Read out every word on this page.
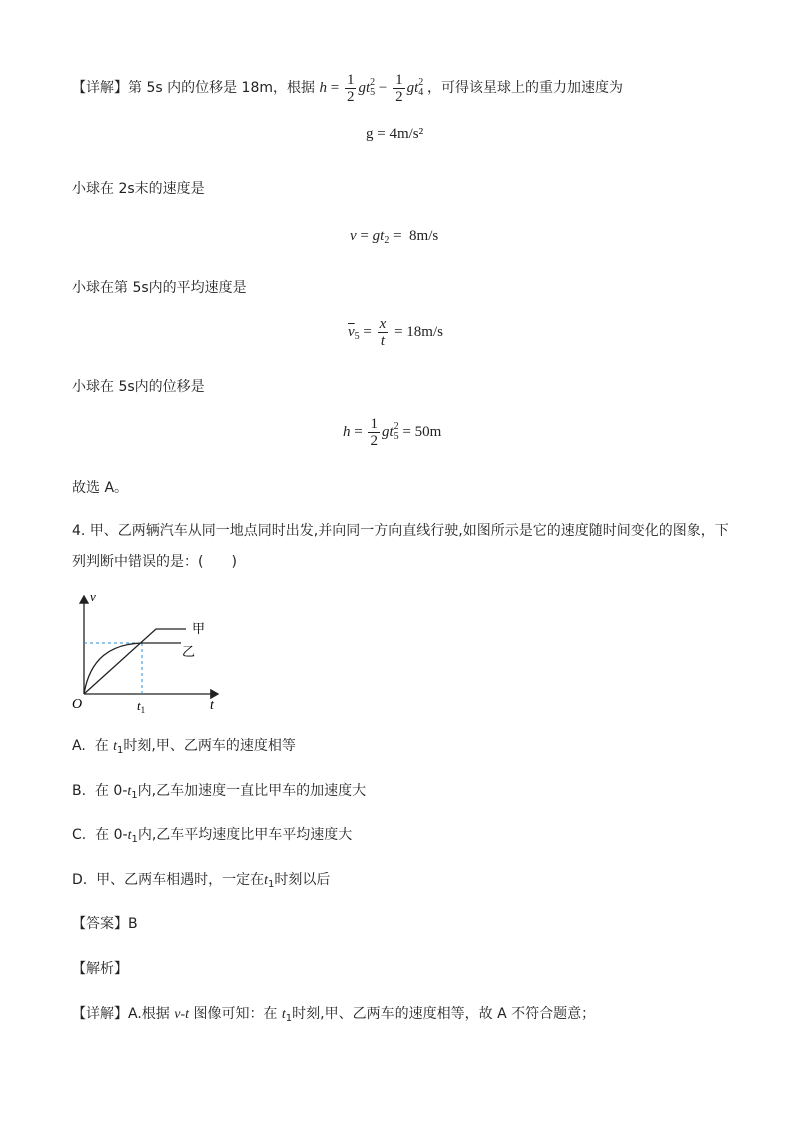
【详解】第 5s 内的位移是 18m，根据 $h = \frac{1}{2} gt_5^2 - \frac{1}{2} gt_4^2$ ，可得该星球上的重力加速度为
g = 4m/s²
小球在 2s末的速度是
$v = gt_2 = 8m/s$
小球在第 5s内的平均速度是
$\overline{v}_5 = \frac{x}{t} = 18m/s$
小球在 5s内的位移是
$h = \frac{1}{2} gt_5^2 = 50m$
故选 A。
4. 甲、乙两辆汽车从同一地点同时出发,并向同一方向直线行驶,如图所示是它的速度随时间变化的图象，下
列判断中错误的是：(　　)
v
t
O	$t_1$
甲
乙
A. 在 $t_1$时刻,甲、乙两车的速度相等
B. 在 $0-t_1$内,乙车加速度一直比甲车的加速度大
C. 在 $0-t_1$内,乙车平均速度比甲车平均速度大
D. 甲、乙两车相遇时，一定在$t_1$时刻以后
【答案】B
【解析】
【详解】A.根据 v-t 图像可知：在 $t_1$时刻,甲、乙两车的速度相等，故 A 不符合题意；
